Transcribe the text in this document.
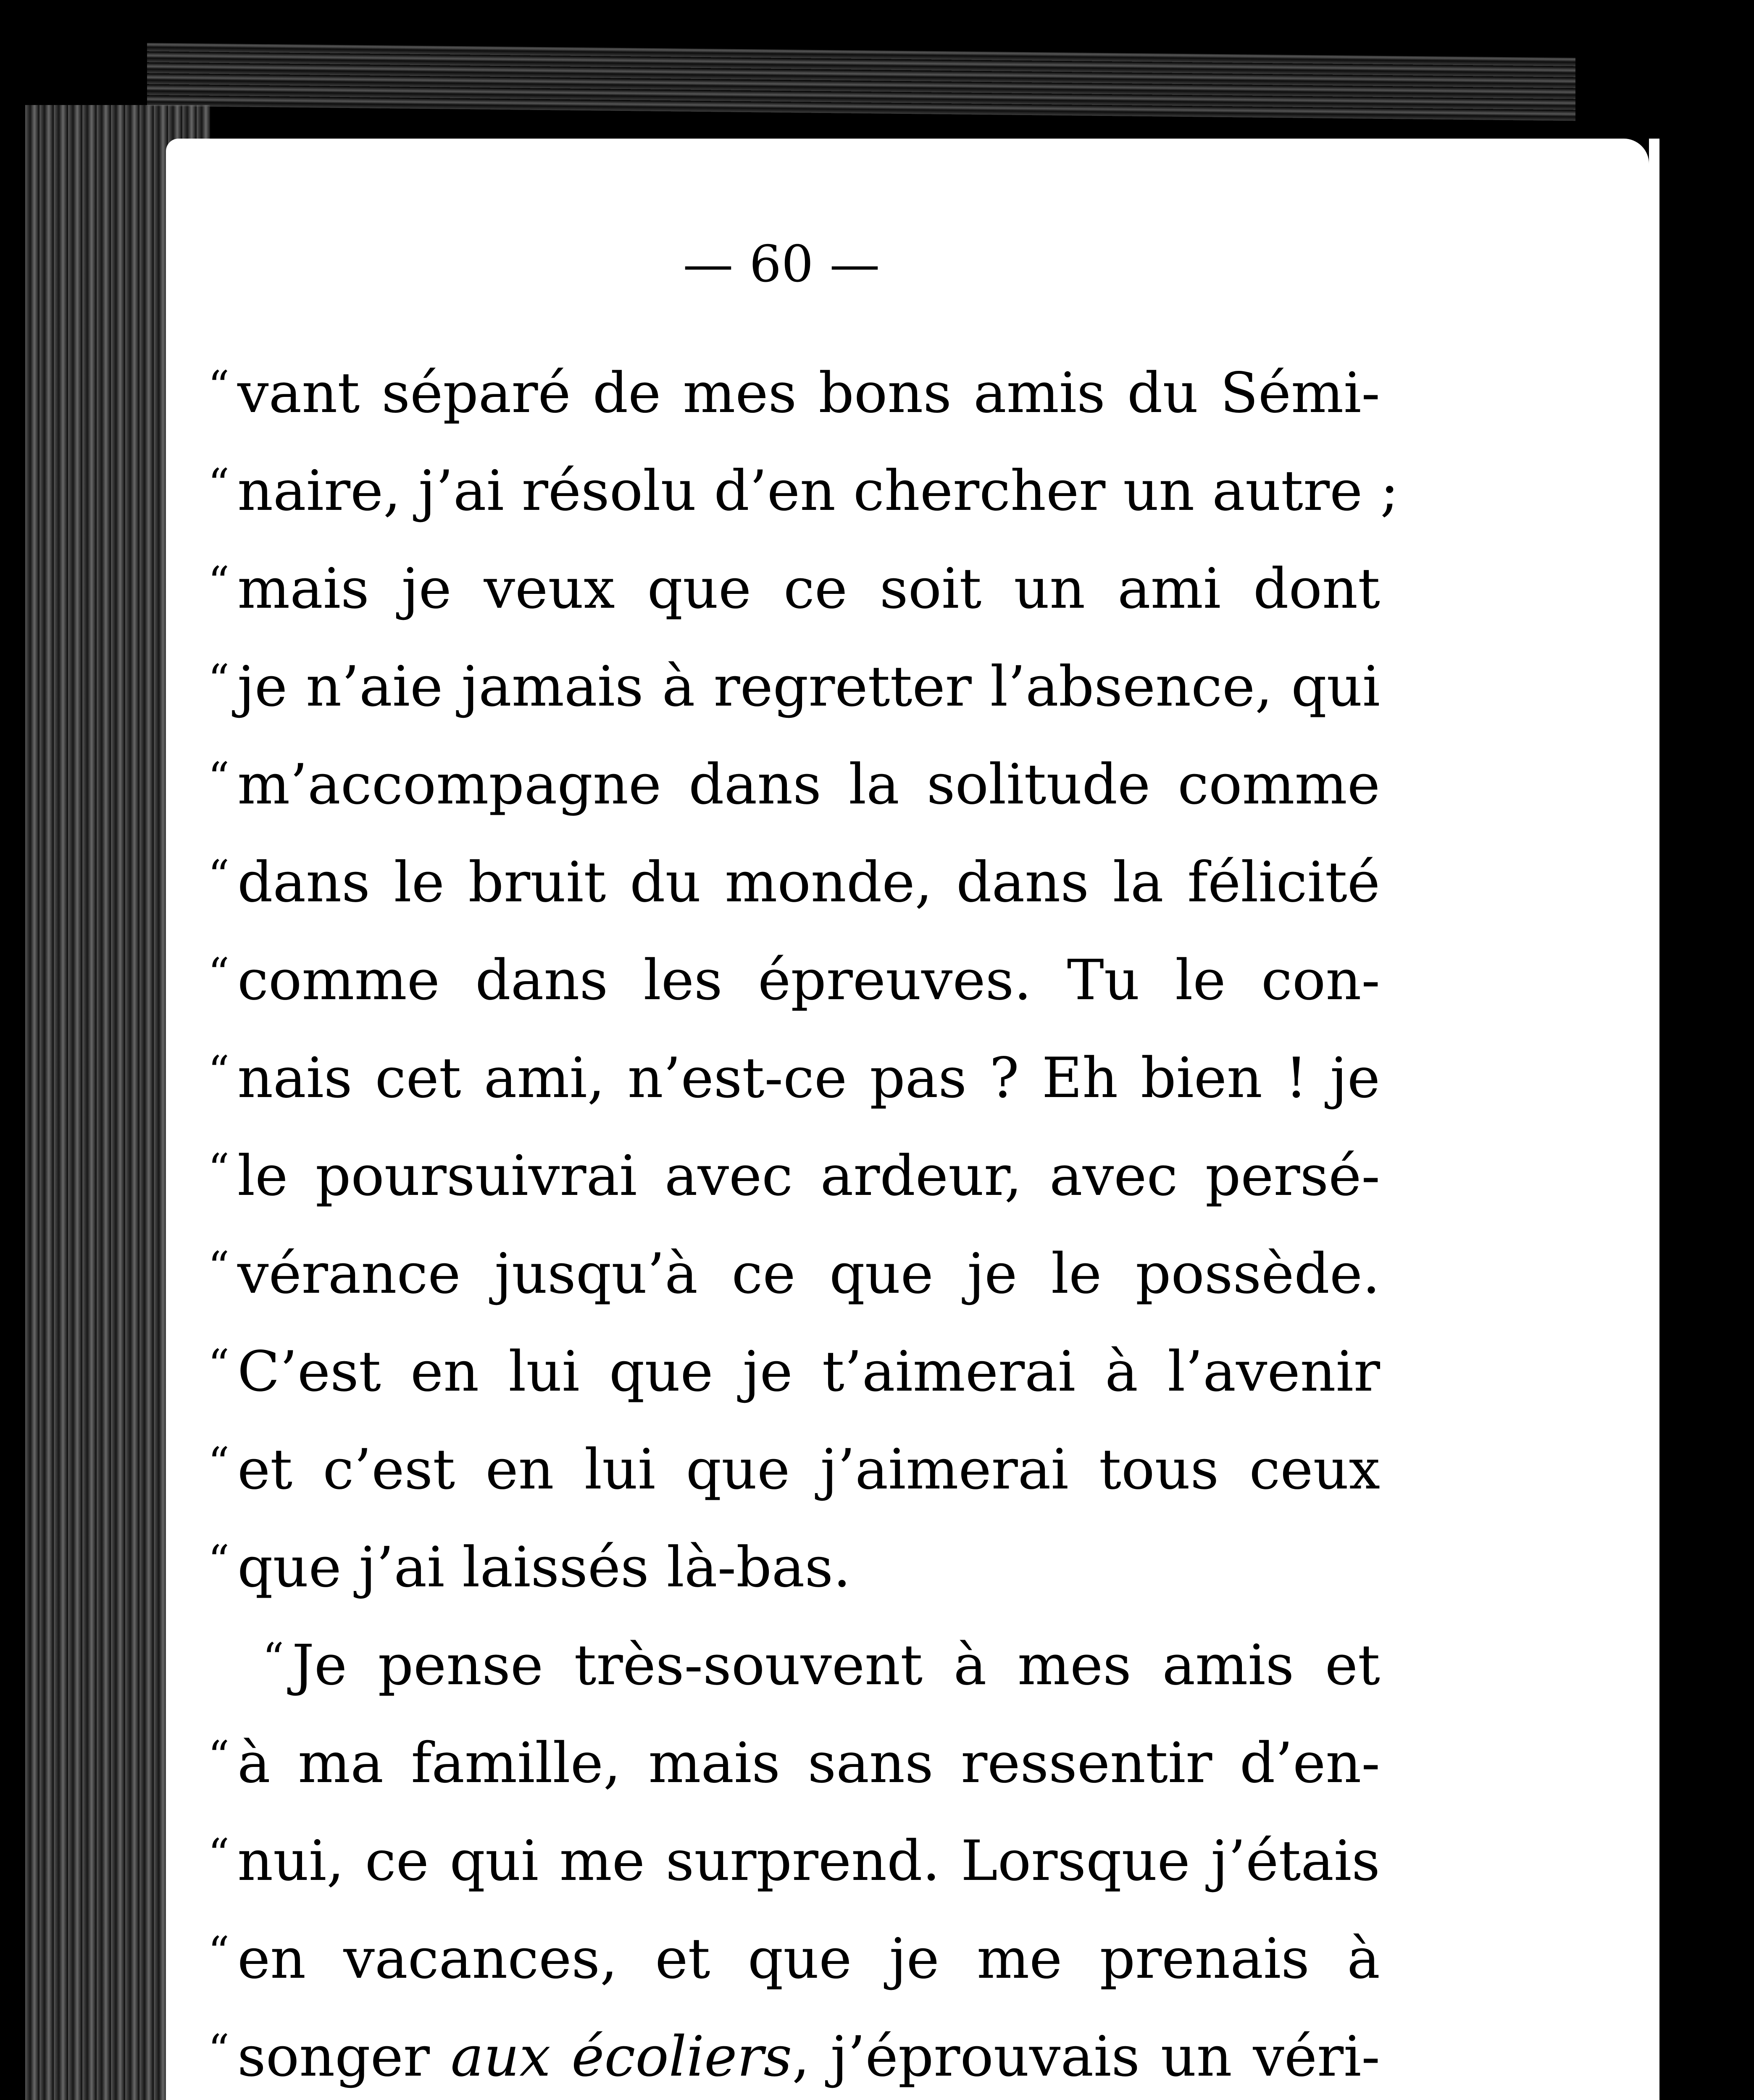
— 60 —
“ vant séparé de mes bons amis du Sémi-
“ naire, j’ai résolu d’en chercher un autre ;
“ mais je veux que ce soit un ami dont
“ je n’aie jamais à regretter l’absence, qui
“ m’accompagne dans la solitude comme
“ dans le bruit du monde, dans la félicité
“ comme dans les épreuves. Tu le con-
“ nais cet ami, n’est-ce pas ? Eh bien ! je
“ le poursuivrai avec ardeur, avec persé-
“ vérance jusqu’à ce que je le possède.
“ C’est en lui que je t’aimerai à l’avenir
“ et c’est en lui que j’aimerai tous ceux
“ que j’ai laissés là-bas.
“ Je pense très-souvent à mes amis et
“ à ma famille, mais sans ressentir d’en-
“ nui, ce qui me surprend. Lorsque j’étais
“ en vacances, et que je me prenais à
“ songer aux écoliers, j’éprouvais un véri-
